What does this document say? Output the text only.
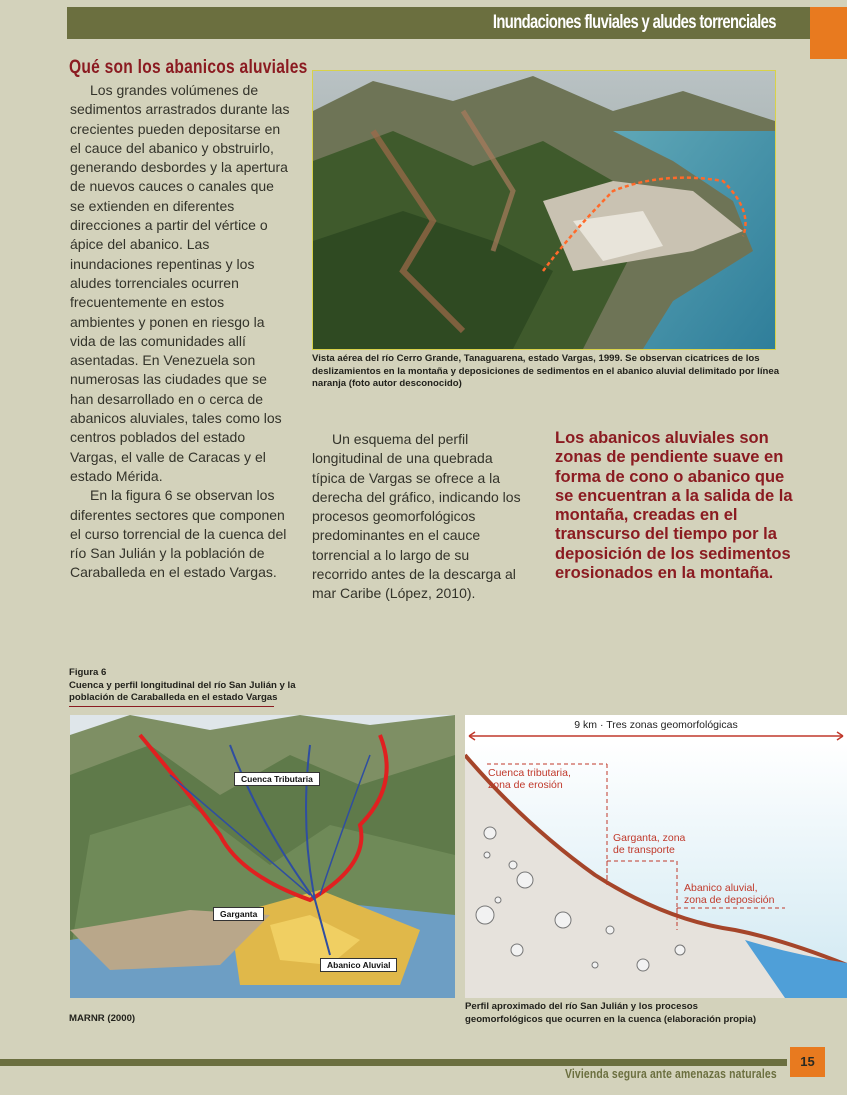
Inundaciones fluviales y aludes torrenciales
Qué son los abanicos aluviales

Los grandes volúmenes de sedimentos arrastrados durante las crecientes pueden depositarse en el cauce del abanico y obstruirlo, generando desbordes y la apertura de nuevos cauces o canales que se extienden en diferentes direcciones a partir del vértice o ápice del abanico. Las inundaciones repentinas y los aludes torrenciales ocurren frecuentemente en estos ambientes y ponen en riesgo la vida de las comunidades allí asentadas. En Venezuela son numerosas las ciudades que se han desarrollado en o cerca de abanicos aluviales, tales como los centros poblados del estado Vargas, el valle de Caracas y el estado Mérida.

En la figura 6 se observan los diferentes sectores que componen el curso torrencial de la cuenca del río San Julián y la población de Caraballeda en el estado Vargas.

Vista aérea del río Cerro Grande, Tanaguarena, estado Vargas, 1999. Se observan cicatrices de los deslizamientos en la montaña y deposiciones de sedimentos en el abanico aluvial delimitado por línea naranja (foto autor desconocido)

Un esquema del perfil longitudinal de una quebrada típica de Vargas se ofrece a la derecha del gráfico, indicando los procesos geomorfológicos predominantes en el cauce torrencial a lo largo de su recorrido antes de la descarga al mar Caribe (López, 2010).

Los abanicos aluviales son zonas de pendiente suave en forma de cono o abanico que se encuentran a la salida de la montaña, creadas en el transcurso del tiempo por la deposición de los sedimentos erosionados en la montaña.
Figura 6
Cuenca y perfil longitudinal del río San Julián y la población de Caraballeda en el estado Vargas
Cuenca Tributaria
Garganta
Abanico Aluvial
MARNR (2000)
9 km · Tres zonas geomorfológicas
Cuenca tributaria,
zona de erosión
Garganta, zona
de transporte
Abanico aluvial,
zona de deposición
Perfil aproximado del río San Julián y los procesos geomorfológicos que ocurren en la cuenca (elaboración propia)
Vivienda segura ante amenazas naturales
15
